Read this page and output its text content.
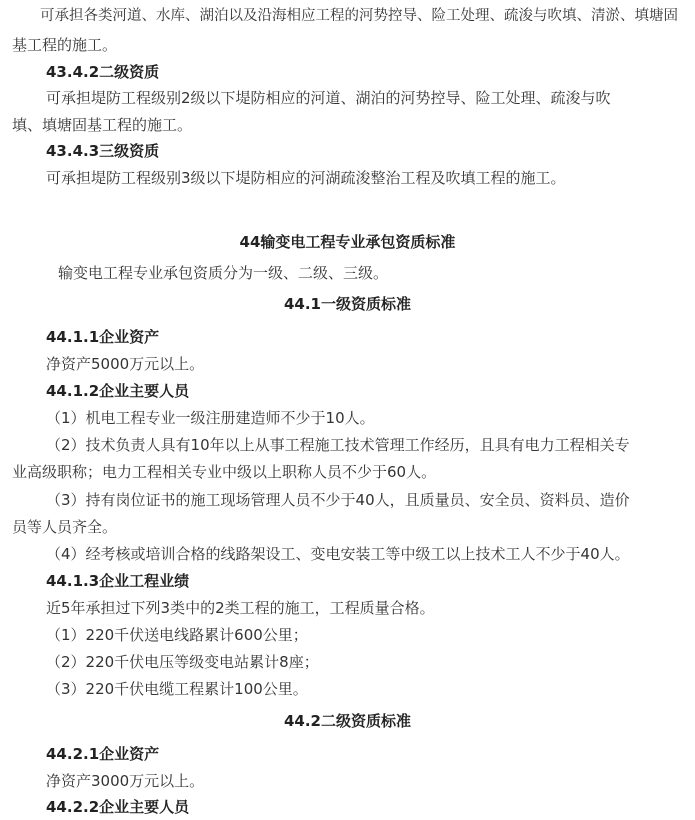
可承担各类河道、水库、湖泊以及沿海相应工程的河势控导、险工处理、疏浚与吹填、清淤、填塘固
基工程的施工。
43.4.2二级资质
可承担堤防工程级别2级以下堤防相应的河道、湖泊的河势控导、险工处理、疏浚与吹
填、填塘固基工程的施工。
43.4.3三级资质
可承担堤防工程级别3级以下堤防相应的河湖疏浚整治工程及吹填工程的施工。
44输变电工程专业承包资质标准
输变电工程专业承包资质分为一级、二级、三级。
44.1一级资质标准
44.1.1企业资产
净资产5000万元以上。
44.1.2企业主要人员
（1）机电工程专业一级注册建造师不少于10人。
（2）技术负责人具有10年以上从事工程施工技术管理工作经历，且具有电力工程相关专
业高级职称；电力工程相关专业中级以上职称人员不少于60人。
（3）持有岗位证书的施工现场管理人员不少于40人，且质量员、安全员、资料员、造价
员等人员齐全。
（4）经考核或培训合格的线路架设工、变电安装工等中级工以上技术工人不少于40人。
44.1.3企业工程业绩
近5年承担过下列3类中的2类工程的施工，工程质量合格。
（1）220千伏送电线路累计600公里；
（2）220千伏电压等级变电站累计8座；
（3）220千伏电缆工程累计100公里。
44.2二级资质标准
44.2.1企业资产
净资产3000万元以上。
44.2.2企业主要人员
